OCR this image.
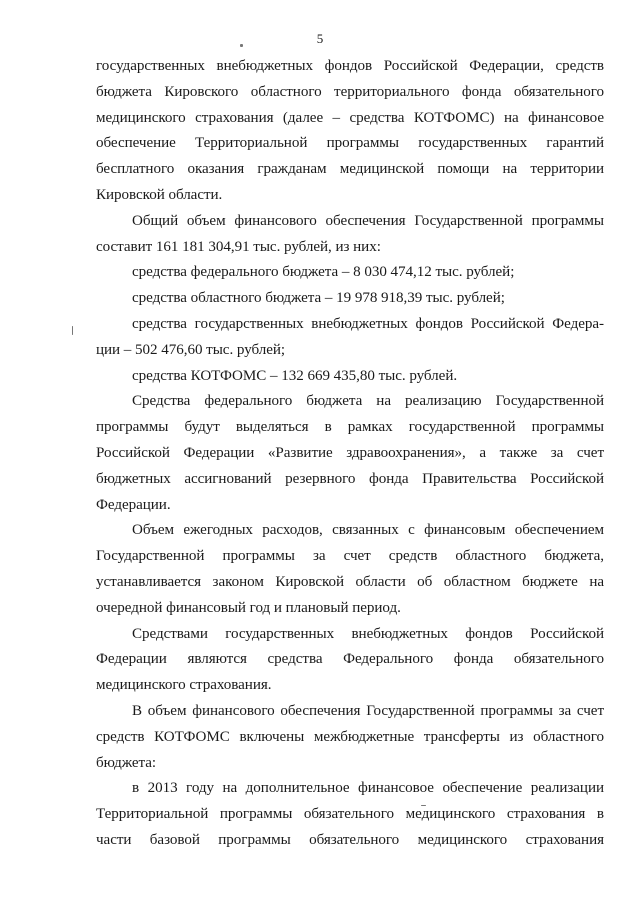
5

государственных внебюджетных фондов Российской Федерации, средств
бюджета Кировского областного территориального фонда обязательного
медицинского страхования (далее – средства КОТФОМС) на финансовое
обеспечение Территориальной программы государственных гарантий
бесплатного оказания гражданам медицинской помощи на территории
Кировской области.

Общий объем финансового обеспечения Государственной программы
составит 161 181 304,91 тыс. рублей, из них:

средства федерального бюджета – 8 030 474,12 тыс. рублей;

средства областного бюджета – 19 978 918,39 тыс. рублей;

средства государственных внебюджетных фондов Российской Федера-
ции – 502 476,60 тыс. рублей;

средства КОТФОМС – 132 669 435,80 тыс. рублей.

Средства федерального бюджета на реализацию Государственной
программы будут выделяться в рамках государственной программы
Российской Федерации «Развитие здравоохранения», а также за счет
бюджетных ассигнований резервного фонда Правительства Российской
Федерации.

Объем ежегодных расходов, связанных с финансовым обеспечением
Государственной программы за счет средств областного бюджета,
устанавливается законом Кировской области об областном бюджете на
очередной финансовый год и плановый период.

Средствами государственных внебюджетных фондов Российской
Федерации являются средства Федерального фонда обязательного
медицинского страхования.

В объем финансового обеспечения Государственной программы за счет
средств КОТФОМС включены межбюджетные трансферты из областного
бюджета:

в 2013 году на дополнительное финансовое обеспечение реализации
Территориальной программы обязательного медицинского страхования в
части базовой программы обязательного медицинского страхования
